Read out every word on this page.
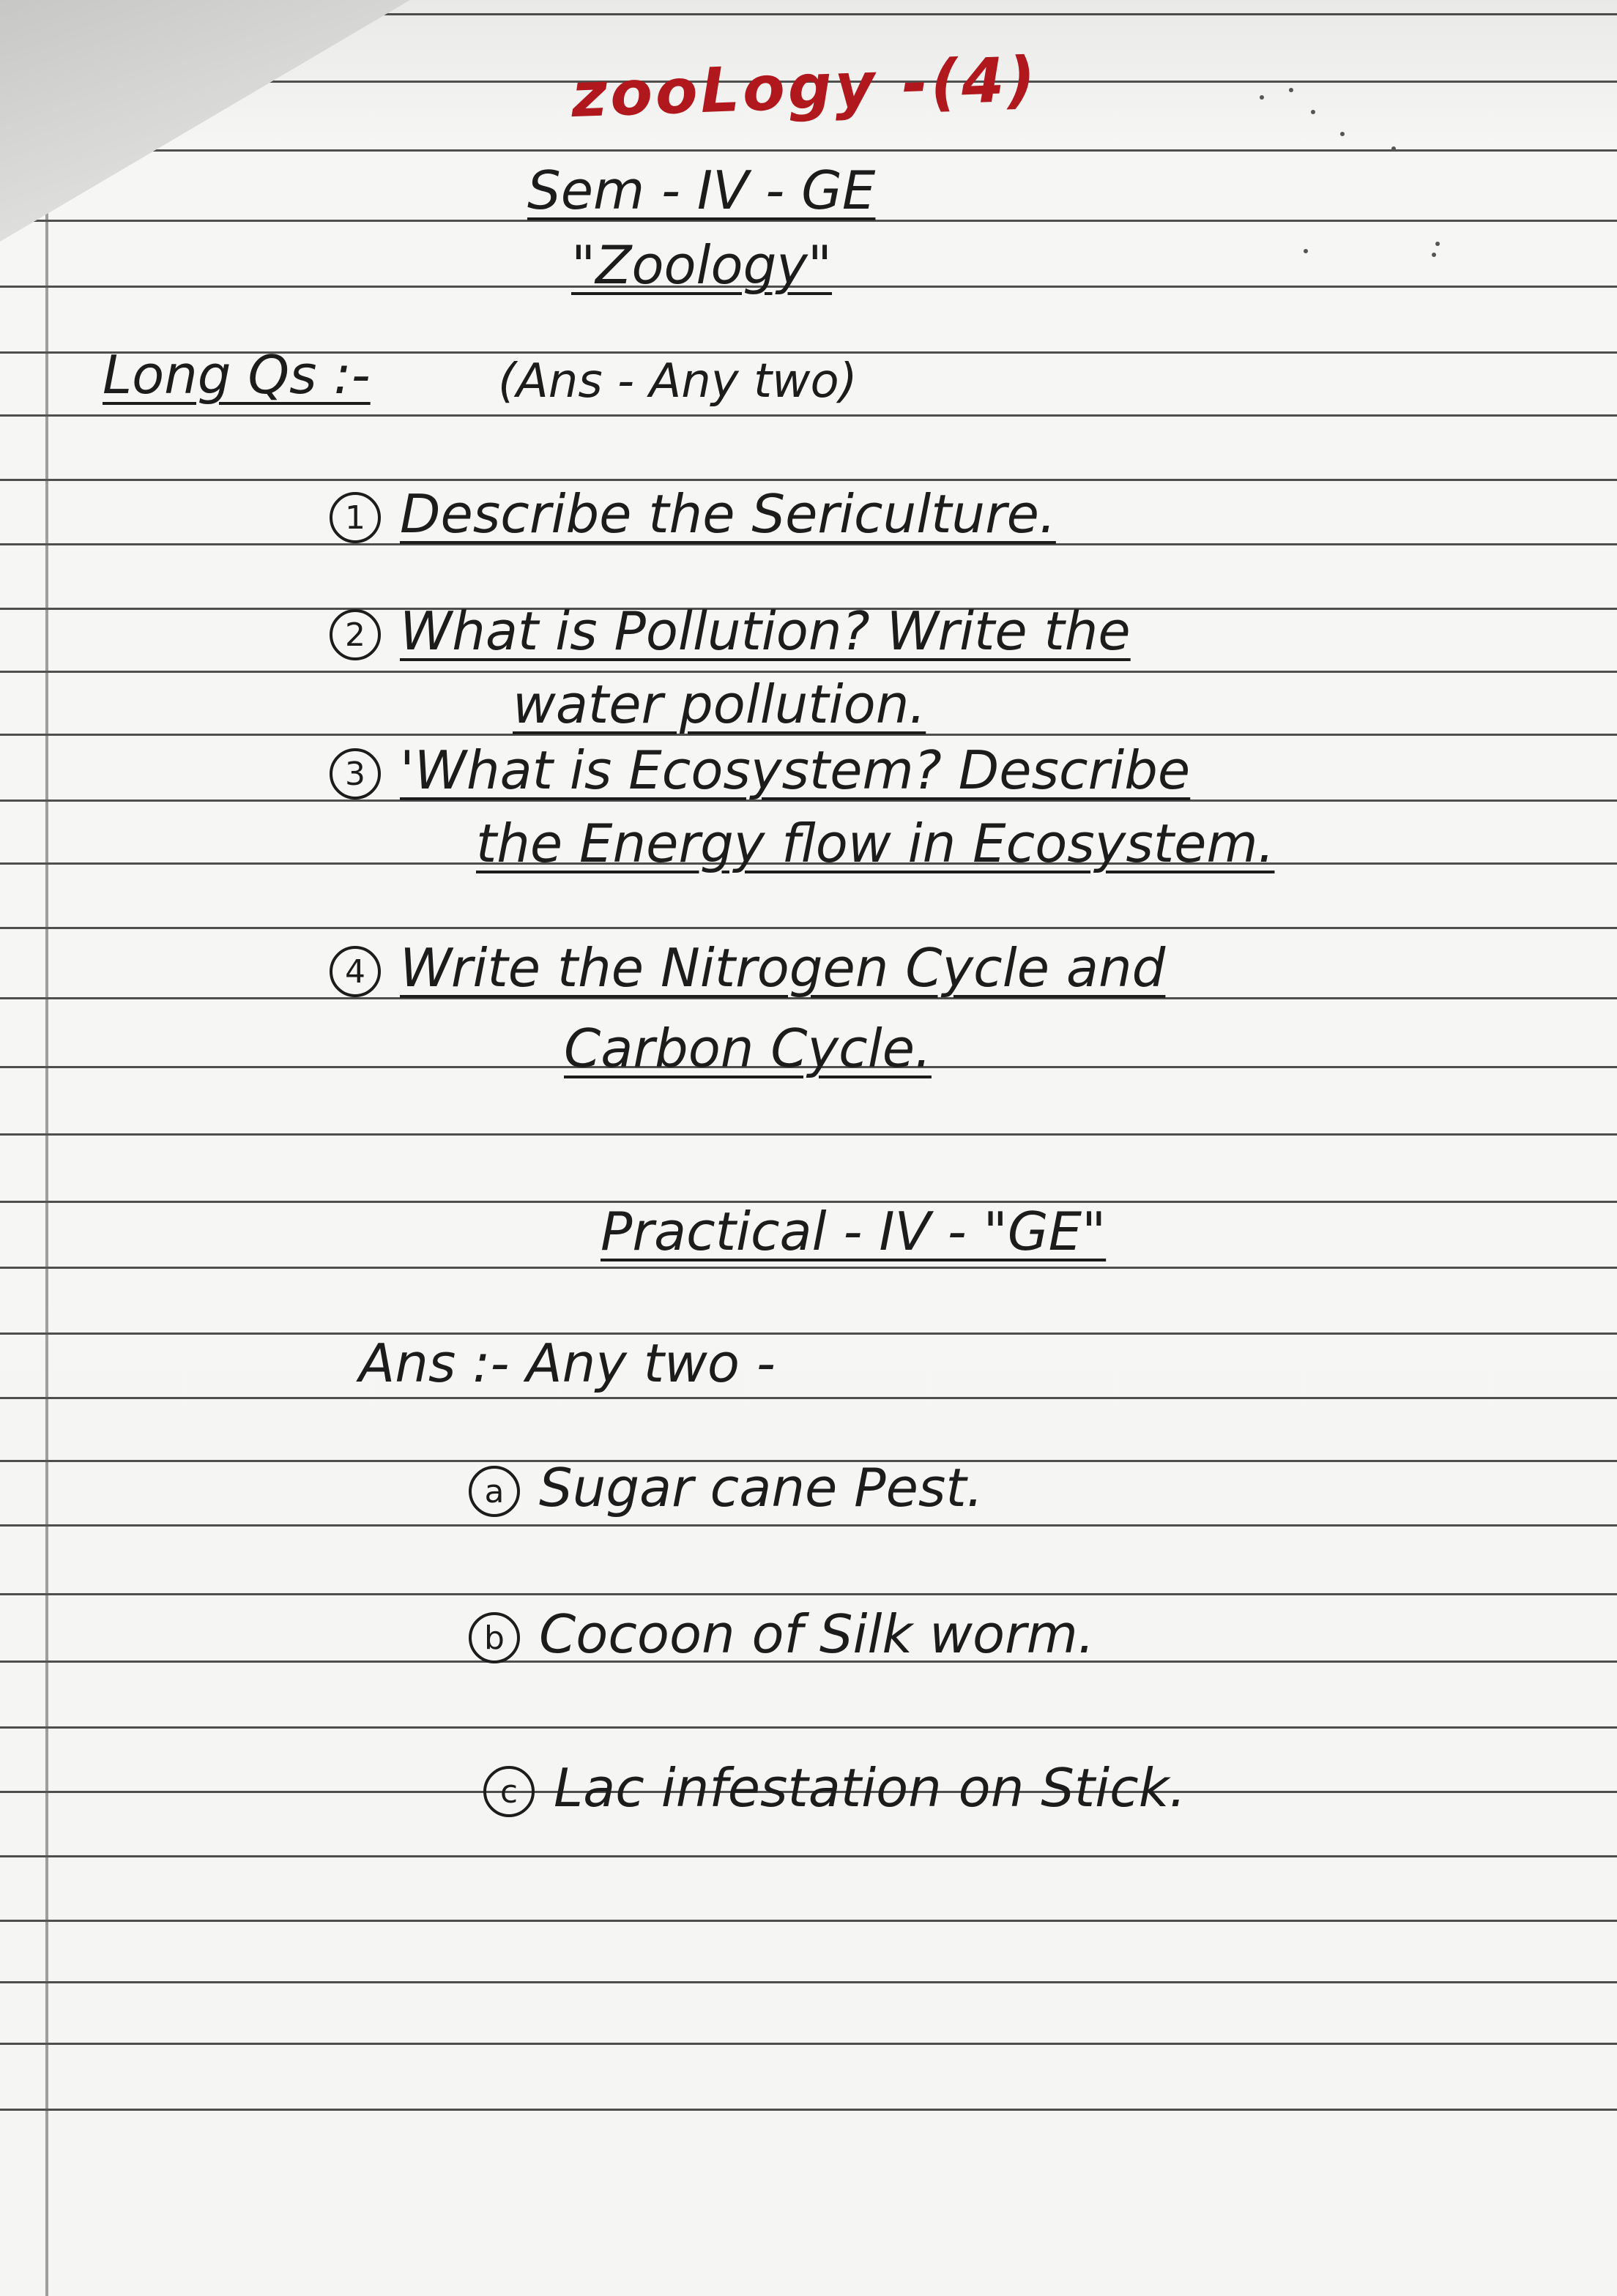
zooLogy -(4)
Sem - IV - GE
"Zoology"
Long Qs :-	(Ans - Any two)
1 Describe the Sericulture.
2 What is Pollution? Write the
water pollution.
3 'What is Ecosystem? Describe
the Energy flow in Ecosystem.
4 Write the Nitrogen Cycle and
Carbon Cycle.
Practical - IV - "GE"
Ans :- Any two -
a Sugar cane Pest.
b Cocoon of Silk worm.
c Lac infestation on Stick.
